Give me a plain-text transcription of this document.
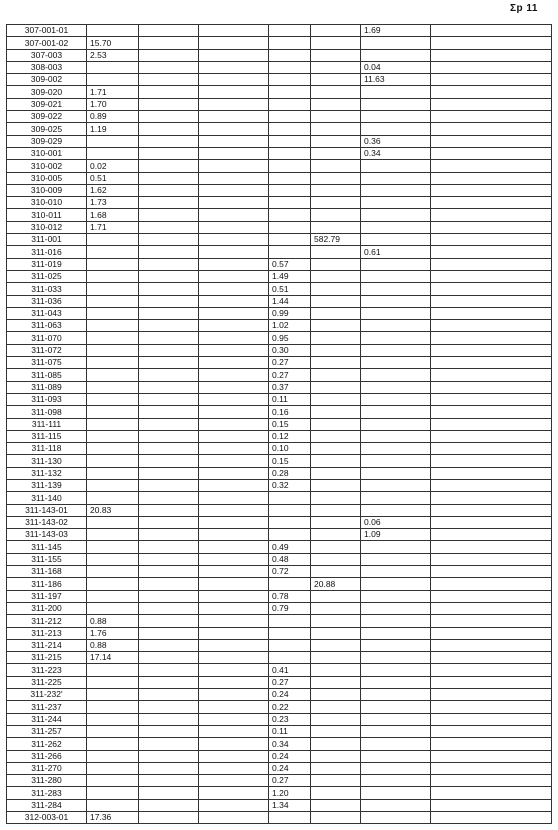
Σp 11
307-001-01						1.69	
307-001-02	15.70						
307-003	2.53						
308-003						0.04	
309-002						11.63	
309-020	1.71						
309-021	1.70						
309-022	0.89						
309-025	1.19						
309-029						0.36	
310-001						0.34	
310-002	0.02						
310-005	0.51						
310-009	1.62						
310-010	1.73						
310-011	1.68						
310-012	1.71						
311-001					582.79		
311-016						0.61	
311-019				0.57			
311-025				1.49			
311-033				0.51			
311-036				1.44			
311-043				0.99			
311-063				1.02			
311-070				0.95			
311-072				0.30			
311-075				0.27			
311-085				0.27			
311-089				0.37			
311-093				0.11			
311-098				0.16			
311-111				0.15			
311-115				0.12			
311-118				0.10			
311-130				0.15			
311-132				0.28			
311-139				0.32			
311-140							
311-143-01	20.83						
311-143-02						0.06	
311-143-03						1.09	
311-145				0.49			
311-155				0.48			
311-168				0.72			
311-186					20.88		
311-197				0.78			
311-200				0.79			
311-212	0.88						
311-213	1.76						
311-214	0.88						
311-215	17.14						
311-223				0.41			
311-225				0.27			
311-232'				0.24			
311-237				0.22			
311-244				0.23			
311-257				0.11			
311-262				0.34			
311-266				0.24			
311-270				0.24			
311-280				0.27			
311-283				1.20			
311-284				1.34			
312-003-01	17.36						
